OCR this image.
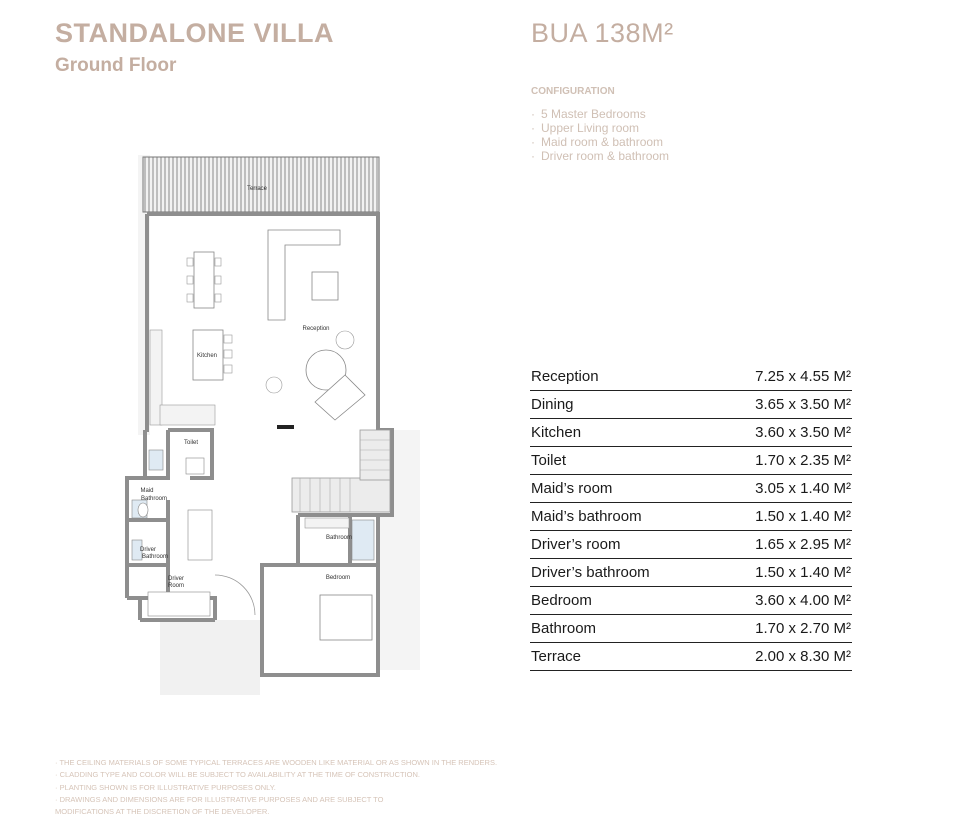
STANDALONE VILLA
Ground Floor
BUA 138M²
CONFIGURATION
· 5 Master Bedrooms
· Upper Living room
· Maid room & bathroom
· Driver room & bathroom
Terrace
Reception
Kitchen
Toilet
Maid
Bathroom
Driver
Bathroom
Driver
Room
Bathroom
Bedroom
Reception	7.25 x 4.55 M²
Dining	3.65 x 3.50 M²
Kitchen	3.60 x 3.50 M²
Toilet	1.70 x 2.35 M²
Maid’s room	3.05 x 1.40 M²
Maid’s bathroom	1.50 x 1.40 M²
Driver’s room	1.65 x 2.95 M²
Driver’s bathroom	1.50 x 1.40 M²
Bedroom	3.60 x 4.00 M²
Bathroom	1.70 x 2.70 M²
Terrace	2.00 x 8.30 M²
· THE CEILING MATERIALS OF SOME TYPICAL TERRACES ARE WOODEN LIKE MATERIAL OR AS SHOWN IN THE RENDERS.
· CLADDING TYPE AND COLOR WILL BE SUBJECT TO AVAILABILITY AT THE TIME OF CONSTRUCTION.
· PLANTING SHOWN IS FOR ILLUSTRATIVE PURPOSES ONLY.
· DRAWINGS AND DIMENSIONS ARE FOR ILLUSTRATIVE PURPOSES AND ARE SUBJECT TO
MODIFICATIONS AT THE DISCRETION OF THE DEVELOPER.
